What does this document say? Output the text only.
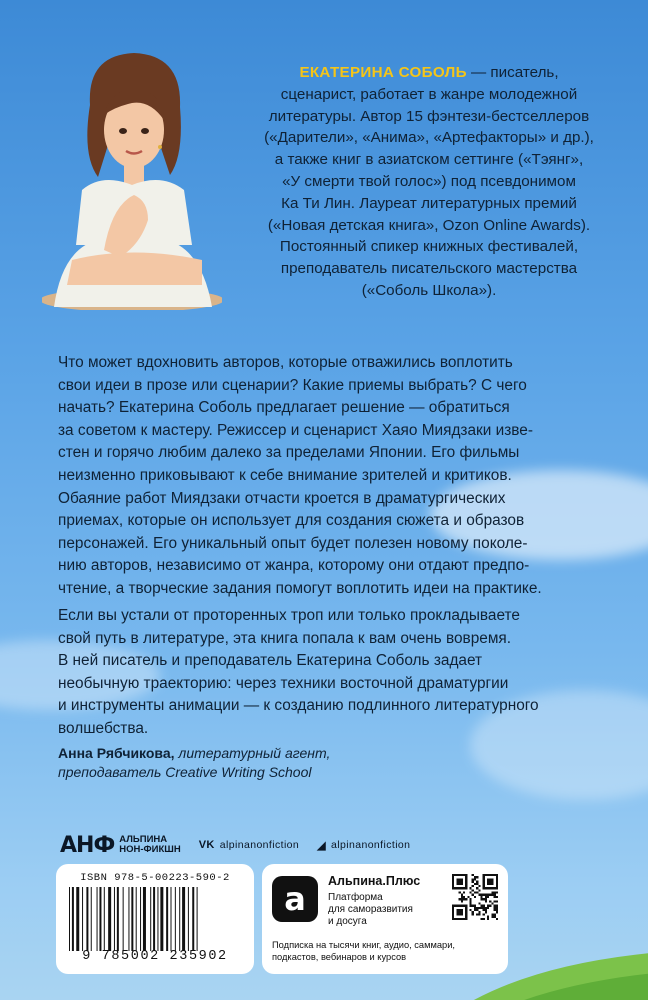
ЕКАТЕРИНА СОБОЛЬ — писатель,
сценарист, работает в жанре молодежной
литературы. Автор 15 фэнтези-бестселлеров
(«Дарители», «Анима», «Артефакторы» и др.),
а также книг в азиатском сеттинге («Тэянг»,
«У смерти твой голос») под псевдонимом
Ка Ти Лин. Лауреат литературных премий
(«Новая детская книга», Ozon Online Awards).
Постоянный спикер книжных фестивалей,
преподаватель писательского мастерства
(«Соболь Школа»).
Что может вдохновить авторов, которые отважились воплотить
свои идеи в прозе или сценарии? Какие приемы выбрать? С чего
начать? Екатерина Соболь предлагает решение — обратиться
за советом к мастеру. Режиссер и сценарист Хаяо Миядзаки изве-
стен и горячо любим далеко за пределами Японии. Его фильмы
неизменно приковывают к себе внимание зрителей и критиков.
Обаяние работ Миядзаки отчасти кроется в драматургических
приемах, которые он использует для создания сюжета и образов
персонажей. Его уникальный опыт будет полезен новому поколе-
нию авторов, независимо от жанра, которому они отдают предпо-
чтение, а творческие задания помогут воплотить идеи на практике.
Если вы устали от проторенных троп или только прокладываете
свой путь в литературе, эта книга попала к вам очень вовремя.
В ней писатель и преподаватель Екатерина Соболь задает
необычную траекторию: через техники восточной драматургии
и инструменты анимации — к созданию подлинного литературного
волшебства.
Анна Рябчикова, литературный агент,
преподаватель Creative Writing School
АНФ АЛЬПИНА
НОН-ФИКШН VK alpinanonfiction ◢ alpinanonfiction
ISBN 978-5-00223-590-2
9 785002 235902
a	Альпина.Плюс
Платформа
для саморазвития
и досуга
Подписка на тысячи книг, аудио, саммари,
подкастов, вебинаров и курсов
